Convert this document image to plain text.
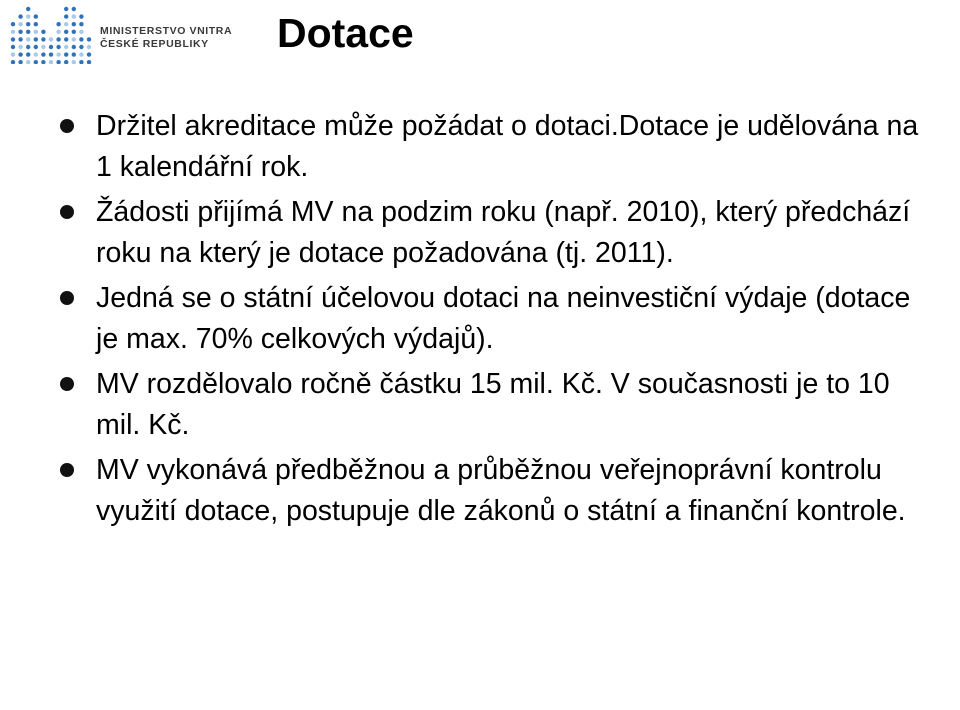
MINISTERSTVO VNITRA
ČESKÉ REPUBLIKY	Dotace
Držitel akreditace může požádat o dotaci.Dotace je udělována na 1 kalendářní rok.
Žádosti přijímá MV na podzim roku (např. 2010), který předchází roku na který je dotace požadována (tj. 2011).
Jedná se o státní účelovou dotaci na neinvestiční výdaje (dotace je max. 70% celkových výdajů).
MV rozdělovalo ročně částku 15 mil. Kč. V současnosti je to 10 mil. Kč.
MV vykonává předběžnou a průběžnou veřejnoprávní kontrolu využití dotace, postupuje dle zákonů o státní a finanční kontrole.
